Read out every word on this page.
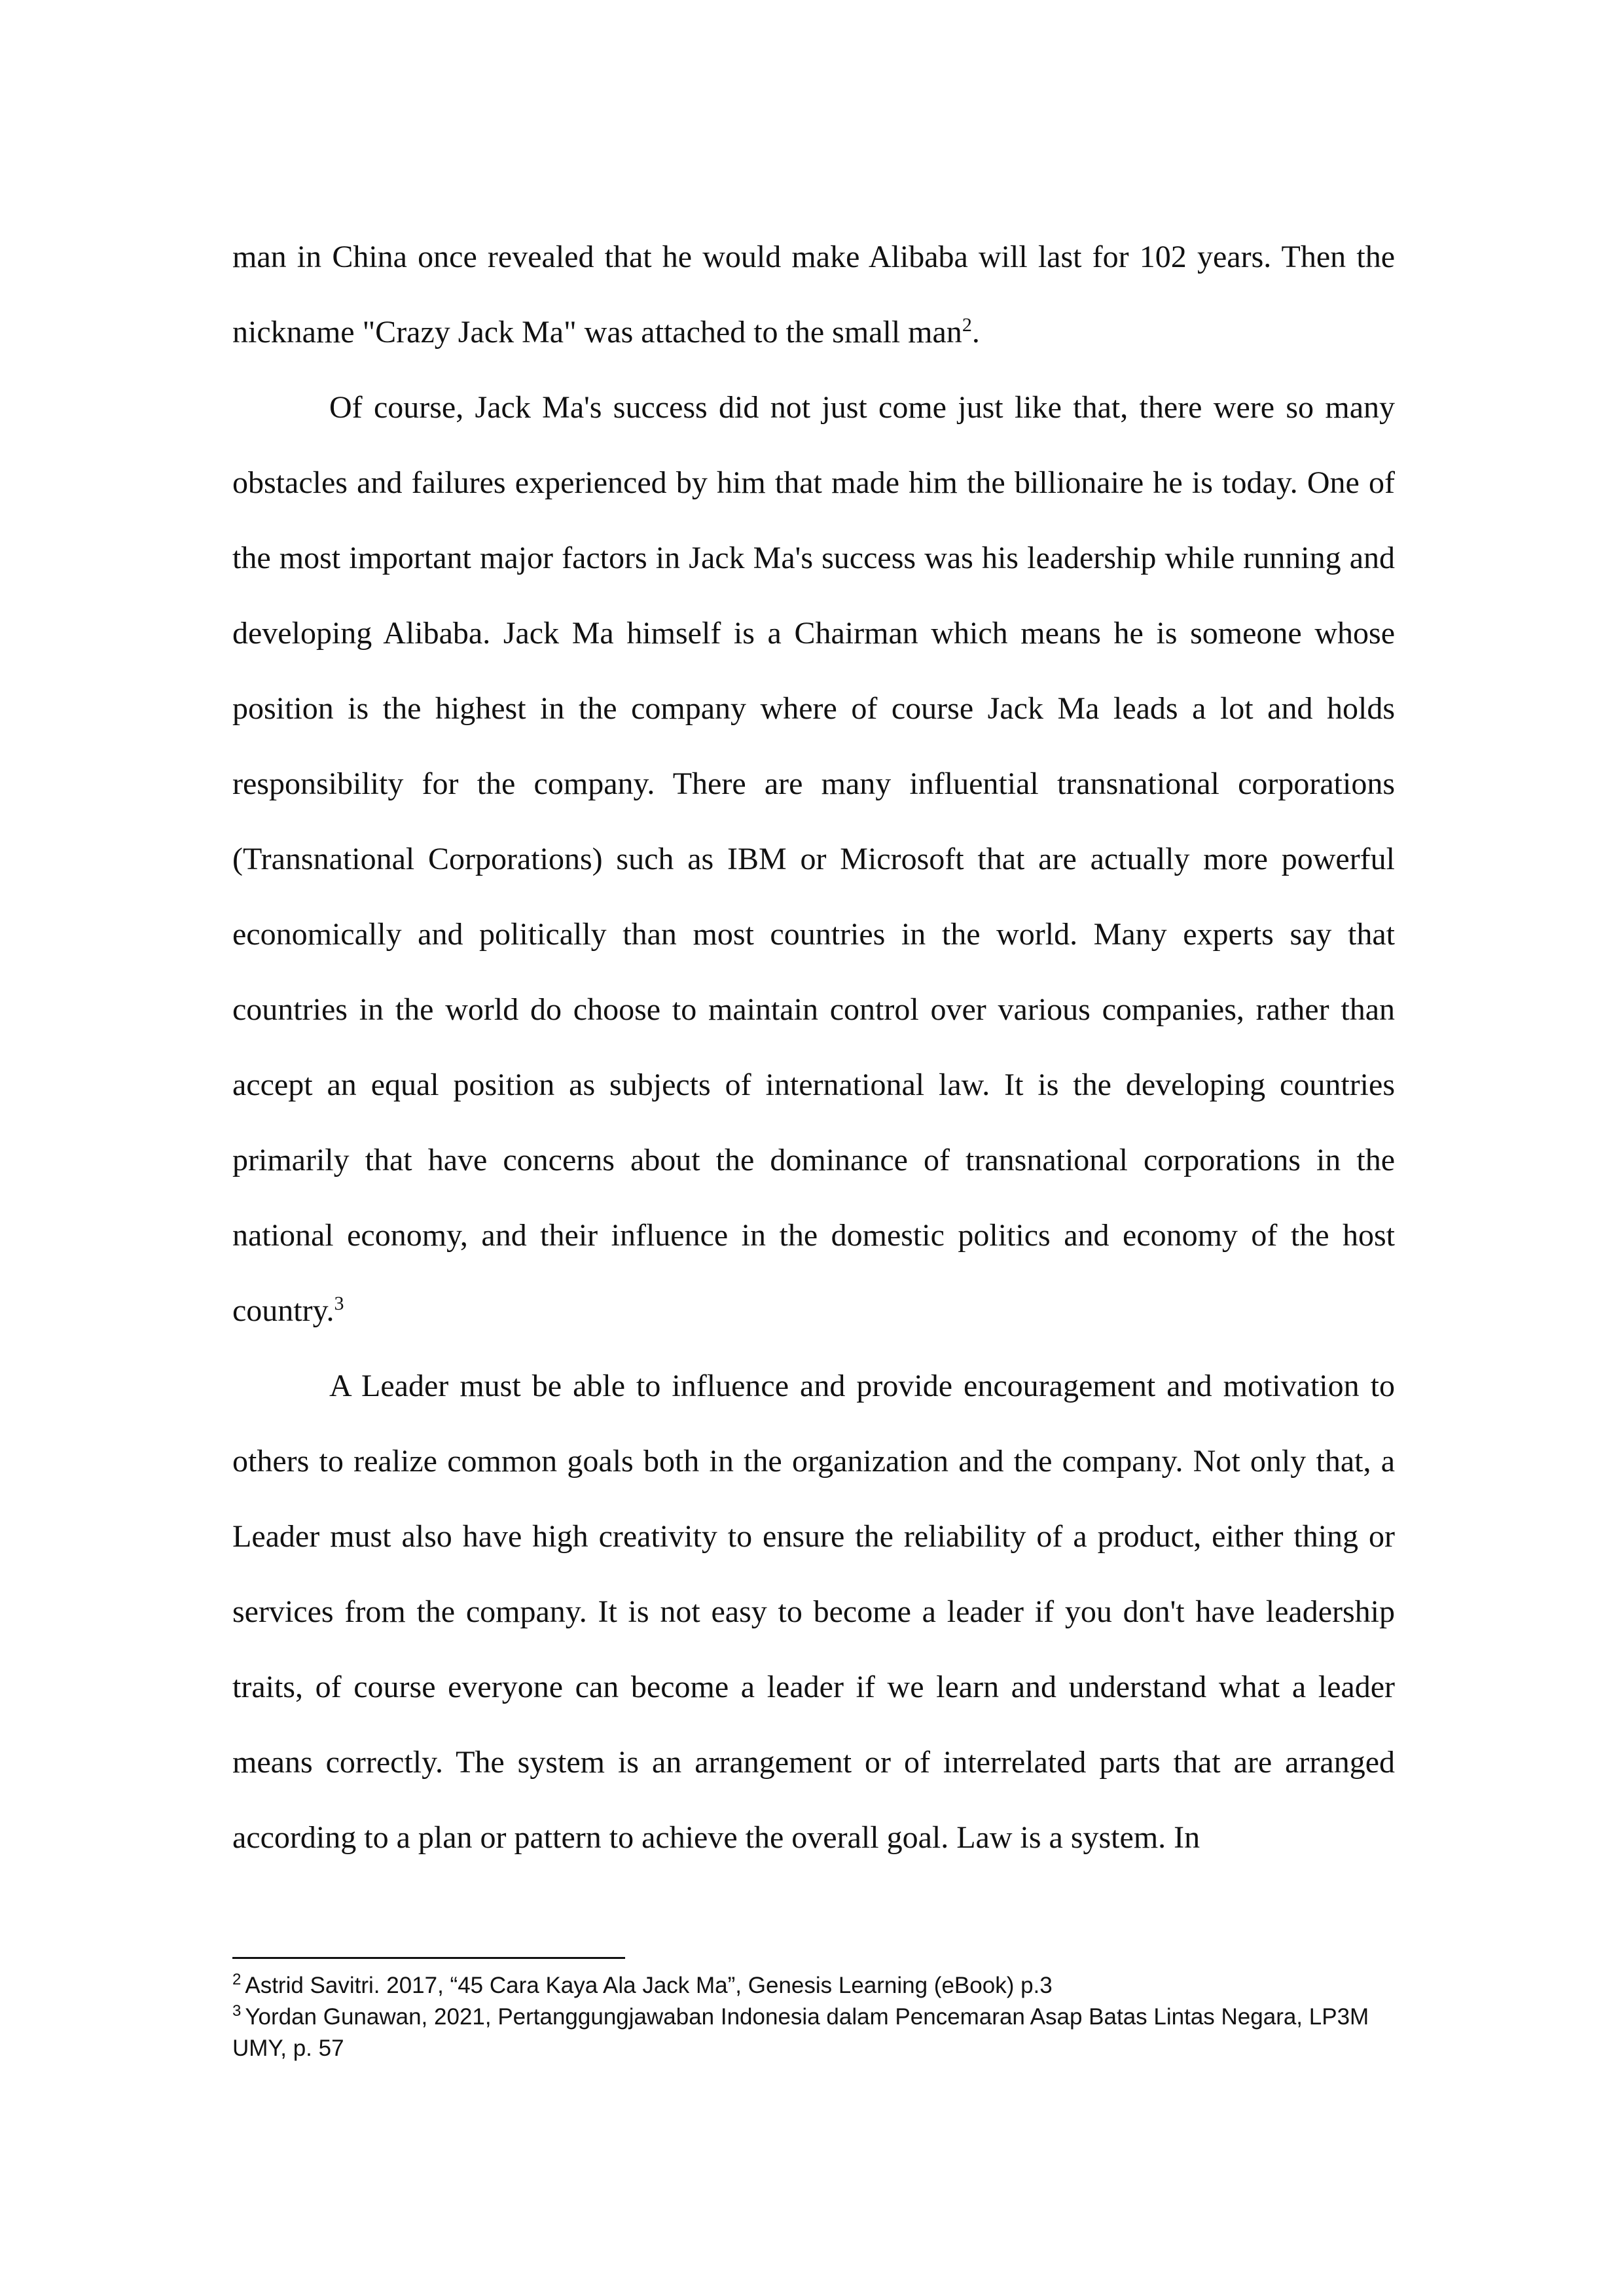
man in China once revealed that he would make Alibaba will last for 102 years. Then the nickname "Crazy Jack Ma" was attached to the small man$^2$.

Of course, Jack Ma's success did not just come just like that, there were so many obstacles and failures experienced by him that made him the billionaire he is today. One of the most important major factors in Jack Ma's success was his leadership while running and developing Alibaba. Jack Ma himself is a Chairman which means he is someone whose position is the highest in the company where of course Jack Ma leads a lot and holds responsibility for the company. There are many influential transnational corporations (Transnational Corporations) such as IBM or Microsoft that are actually more powerful economically and politically than most countries in the world. Many experts say that countries in the world do choose to maintain control over various companies, rather than accept an equal position as subjects of international law. It is the developing countries primarily that have concerns about the dominance of transnational corporations in the national economy, and their influence in the domestic politics and economy of the host country.$^3$

A Leader must be able to influence and provide encouragement and motivation to others to realize common goals both in the organization and the company. Not only that, a Leader must also have high creativity to ensure the reliability of a product, either thing or services from the company. It is not easy to become a leader if you don't have leadership traits, of course everyone can become a leader if we learn and understand what a leader means correctly. The system is an arrangement or of interrelated parts that are arranged according to a plan or pattern to achieve the overall goal. Law is a system. In

$^2$ Astrid Savitri. 2017, “45 Cara Kaya Ala Jack Ma”, Genesis Learning (eBook) p.3

$^3$ Yordan Gunawan, 2021, Pertanggungjawaban Indonesia dalam Pencemaran Asap Batas Lintas Negara, LP3M UMY, p. 57
